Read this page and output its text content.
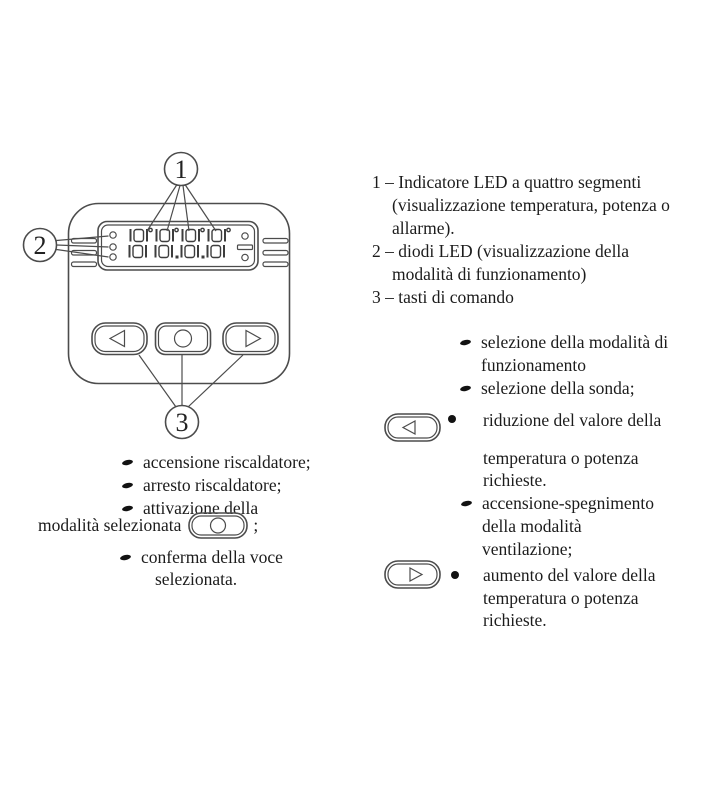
1
2
3
1 – Indicatore LED a quattro segmenti
(visualizzazione temperatura, potenza o
allarme).
2 – diodi LED (visualizzazione della
modalità di funzionamento)
3 – tasti di comando
selezione della modalità di
funzionamento
selezione della sonda;
riduzione del valore della
temperatura o potenza
richieste.
accensione-spegnimento
della modalità
ventilazione;
aumento del valore della
temperatura o potenza
richieste.
accensione riscaldatore;
arresto riscaldatore;
attivazione della
modalità selezionata	;
conferma della voce
selezionata.
